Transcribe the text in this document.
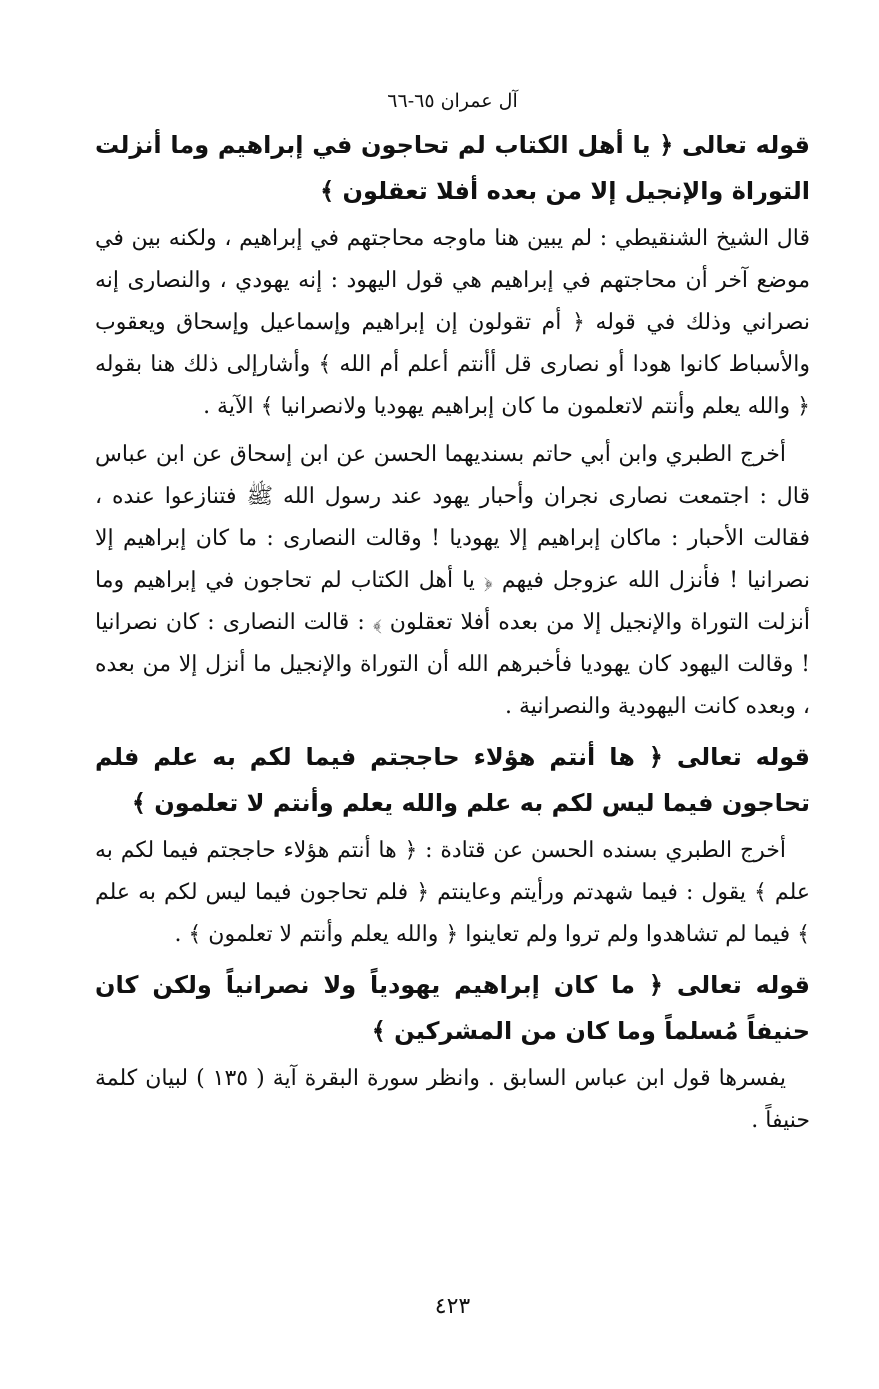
آل عمران ٦٥-٦٦

قوله تعالى ﴿ يا أهل الكتاب لم تحاجون في إبراهيم وما أنزلت التوراة والإنجيل إلا من بعده أفلا تعقلون ﴾

قال الشيخ الشنقيطي : لم يبين هنا ماوجه محاجتهم في إبراهيم ، ولكنه بين في موضع آخر أن محاجتهم في إبراهيم هي قول اليهود : إنه يهودي ، والنصارى إنه نصراني وذلك في قوله ﴿ أم تقولون إن إبراهيم وإسماعيل وإسحاق ويعقوب والأسباط كانوا هودا أو نصارى قل أأنتم أعلم أم الله ﴾ وأشارإلى ذلك هنا بقوله ﴿ والله يعلم وأنتم لاتعلمون ما كان إبراهيم يهوديا ولانصرانيا ﴾ الآية .

أخرج الطبري وابن أبي حاتم بسنديهما الحسن عن ابن إسحاق عن ابن عباس قال : اجتمعت نصارى نجران وأحبار يهود عند رسول الله ﷺ فتنازعوا عنده ، فقالت الأحبار : ماكان إبراهيم إلا يهوديا ! وقالت النصارى : ما كان إبراهيم إلا نصرانيا ! فأنزل الله عزوجل فيهم ﴿ يا أهل الكتاب لم تحاجون في إبراهيم وما أنزلت التوراة والإنجيل إلا من بعده أفلا تعقلون ﴾ : قالت النصارى : كان نصرانيا ! وقالت اليهود كان يهوديا فأخبرهم الله أن التوراة والإنجيل ما أنزل إلا من بعده ، وبعده كانت اليهودية والنصرانية .

قوله تعالى ﴿ ها أنتم هؤلاء حاججتم فيما لكم به علم فلم تحاجون فيما ليس لكم به علم والله يعلم وأنتم لا تعلمون ﴾

أخرج الطبري بسنده الحسن عن قتادة : ﴿ ها أنتم هؤلاء حاججتم فيما لكم به علم ﴾ يقول : فيما شهدتم ورأيتم وعاينتم ﴿ فلم تحاجون فيما ليس لكم به علم ﴾ فيما لم تشاهدوا ولم تروا ولم تعاينوا ﴿ والله يعلم وأنتم لا تعلمون ﴾ .

قوله تعالى ﴿ ما كان إبراهيم يهودياً ولا نصرانياً ولكن كان حنيفاً مُسلماً وما كان من المشركين ﴾

يفسرها قول ابن عباس السابق . وانظر سورة البقرة آية ( ١٣٥ ) لبيان كلمة حنيفاً .

٤٢٣
